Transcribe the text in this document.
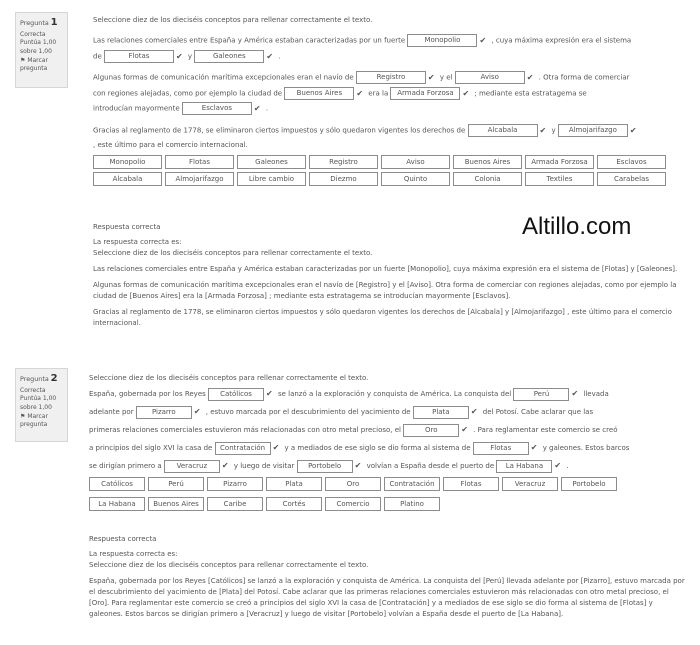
Pregunta 1
Correcta
Puntúa 1,00 sobre 1,00
⚑ Marcar pregunta

Seleccione diez de los dieciséis conceptos para rellenar correctamente el texto.

Las relaciones comerciales entre España y América estaban caracterizadas por un fuerte	Monopolio ✔ , cuya máxima expresión era el sistema
de	Flotas	✔ y	Galeones	✔ .

Algunas formas de comunicación marítima excepcionales eran el navío de	Registro	✔ y el	Aviso	✔ . Otra forma de comerciar
con regiones alejadas, como por ejemplo la ciudad de Buenos Aires ✔ era la Armada Forzosa ✔ ; mediante esta estratagema se
introducían mayormente	Esclavos	✔ .

Gracias al reglamento de 1778, se eliminaron ciertos impuestos y sólo quedaron vigentes los derechos de	Alcabala	✔ y Almojarifazgo ✔
, este último para el comercio internacional.

Monopolio	Flotas	Galeones	Registro	Aviso	Buenos Aires	Armada Forzosa	Esclavos
Alcabala	Almojarifazgo	Libre cambio	Diezmo	Quinto	Colonia	Textiles	Carabelas
Altillo.com
Respuesta correcta
La respuesta correcta es:

Seleccione diez de los dieciséis conceptos para rellenar correctamente el texto.

Las relaciones comerciales entre España y América estaban caracterizadas por un fuerte [Monopolio], cuya máxima expresión era el sistema de [Flotas] y [Galeones].

Algunas formas de comunicación marítima excepcionales eran el navío de [Registro] y el [Aviso]. Otra forma de comerciar con regiones alejadas, como por ejemplo la ciudad de [Buenos Aires] era la [Armada Forzosa] ; mediante esta estratagema se introducían mayormente [Esclavos].

Gracias al reglamento de 1778, se eliminaron ciertos impuestos y sólo quedaron vigentes los derechos de [Alcabala] y [Almojarifazgo] , este último para el comercio internacional.

Pregunta 2
Correcta
Puntúa 1,00 sobre 1,00
⚑ Marcar pregunta
Seleccione diez de los dieciséis conceptos para rellenar correctamente el texto.
España, gobernada por los Reyes Católicos ✔ se lanzó a la exploración y conquista de América. La conquista del	Perú	✔ llevada
adelante por	Pizarro ✔ , estuvo marcada por el descubrimiento del yacimiento de	Plata	✔ del Potosí. Cabe aclarar que las
primeras relaciones comerciales estuvieron más relacionadas con otro metal precioso, el	Oro	✔ . Para reglamentar este comercio se creó
a principios del siglo XVI la casa de Contratación ✔ y a mediados de ese siglo se dio forma al sistema de	Flotas ✔ y galeones. Estos barcos
se dirigían primero a Veracruz ✔ y luego de visitar Portobelo ✔ volvían a España desde el puerto de La Habana ✔ .
Católicos	Perú	Pizarro	Plata	Oro	Contratación	Flotas	Veracruz	Portobelo
La Habana	Buenos Aires	Caribe	Cortés	Comercio	Platino
Respuesta correcta
La respuesta correcta es:

Seleccione diez de los dieciséis conceptos para rellenar correctamente el texto.

España, gobernada por los Reyes [Católicos] se lanzó a la exploración y conquista de América. La conquista del [Perú] llevada adelante por [Pizarro], estuvo marcada por el descubrimiento del yacimiento de [Plata] del Potosí. Cabe aclarar que las primeras relaciones comerciales estuvieron más relacionadas con otro metal precioso, el [Oro]. Para reglamentar este comercio se creó a principios del siglo XVI la casa de [Contratación] y a mediados de ese siglo se dio forma al sistema de [Flotas] y galeones. Estos barcos se dirigían primero a [Veracruz] y luego de visitar [Portobelo] volvían a España desde el puerto de [La Habana].
